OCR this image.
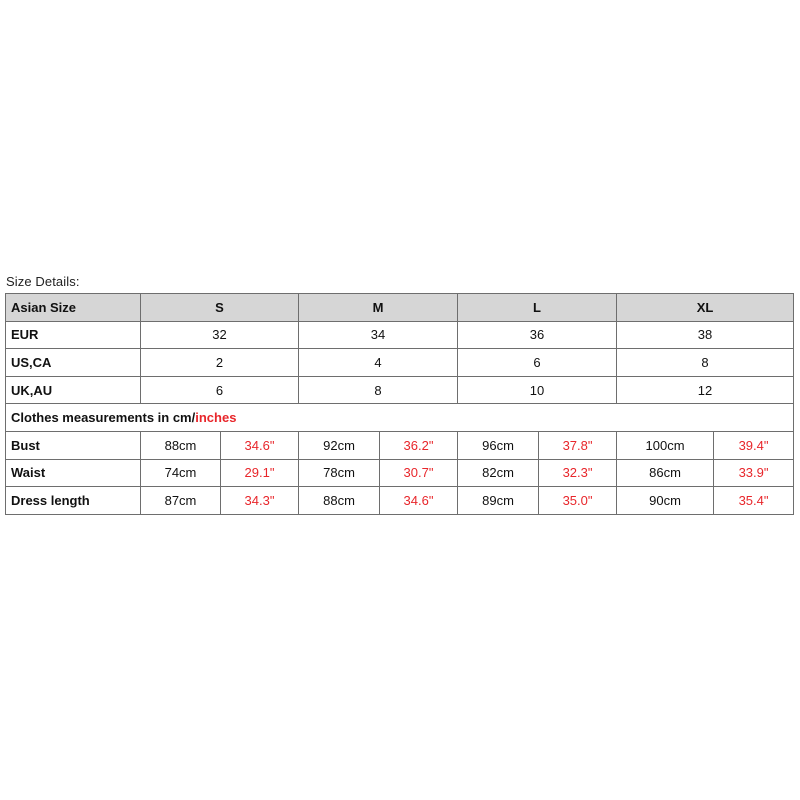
Size Details:
Asian Size	S		M		L		XL	
EUR	32		34		36		38	
US,CA	2		4		6		8	
UK,AU	6		8		10		12	
Clothes measurements in cm/inches								
Bust	88cm	34.6"	92cm	36.2"	96cm	37.8"	100cm	39.4"
Waist	74cm	29.1"	78cm	30.7"	82cm	32.3"	86cm	33.9"
Dress length	87cm	34.3"	88cm	34.6"	89cm	35.0"	90cm	35.4"
